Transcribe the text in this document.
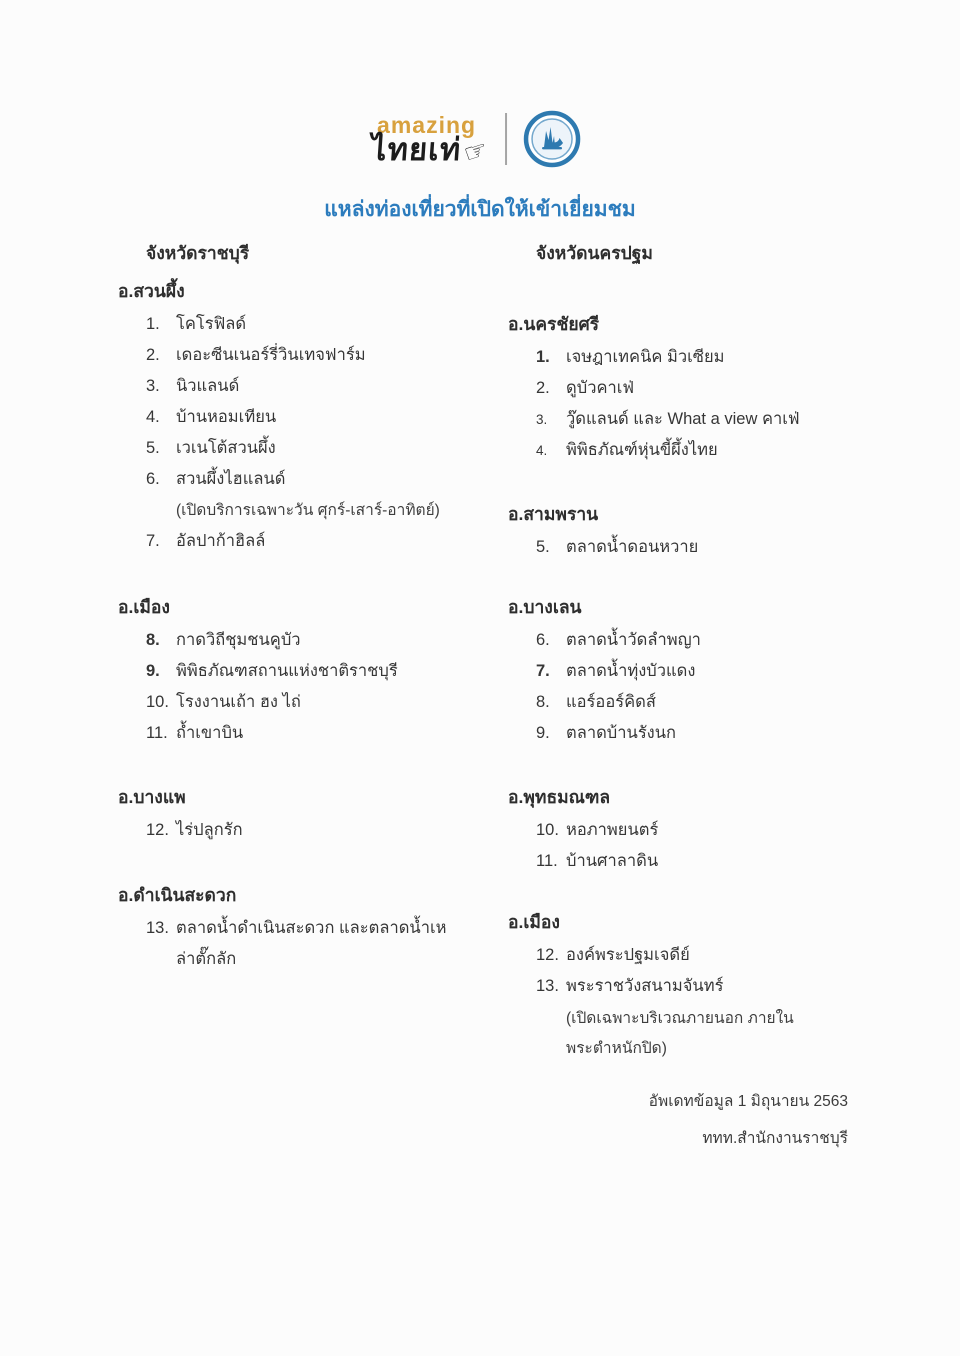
amazing
ไทยเท่☞
แหล่งท่องเที่ยวที่เปิดให้เข้าเยี่ยมชม
จังหวัดราชบุรี
อ.สวนผึ้ง
1. โคโรฟิลด์
2. เดอะซีนเนอร์รี่วินเทจฟาร์ม
3. นิวแลนด์
4. บ้านหอมเทียน
5. เวเนโต้สวนผึ้ง
6. สวนผึ้งไฮแลนด์
(เปิดบริการเฉพาะวัน ศุกร์-เสาร์-อาทิตย์)
7. อัลปาก้าฮิลล์
อ.เมือง
8. กาดวิถีชุมชนคูบัว
9. พิพิธภัณฑสถานแห่งชาติราชบุรี
10. โรงงานเถ้า ฮง ไถ่
11. ถ้ำเขาบิน
อ.บางแพ
12. ไร่ปลูกรัก
อ.ดำเนินสะดวก
13. ตลาดน้ำดำเนินสะดวก และตลาดน้ำเหล่าตั๊กลัก
จังหวัดนครปฐม
อ.นครชัยศรี
1. เจษฎาเทคนิค มิวเซียม
2. ดูบัวคาเฟ่
3.	วู๊ดแลนด์ และ What a view คาเฟ่
4.	พิพิธภัณฑ์หุ่นขี้ผึ้งไทย
อ.สามพราน
5. ตลาดน้ำดอนหวาย
อ.บางเลน
6. ตลาดน้ำวัดลำพญา
7. ตลาดน้ำทุ่งบัวแดง
8. แอร์ออร์คิดส์
9. ตลาดบ้านรังนก
อ.พุทธมณฑล
10. หอภาพยนตร์
11. บ้านศาลาดิน
อ.เมือง
12. องค์พระปฐมเจดีย์
13. พระราชวังสนามจันทร์
(เปิดเฉพาะบริเวณภายนอก ภายในพระตำหนักปิด)
อัพเดทข้อมูล 1 มิถุนายน 2563
ททท.สำนักงานราชบุรี
